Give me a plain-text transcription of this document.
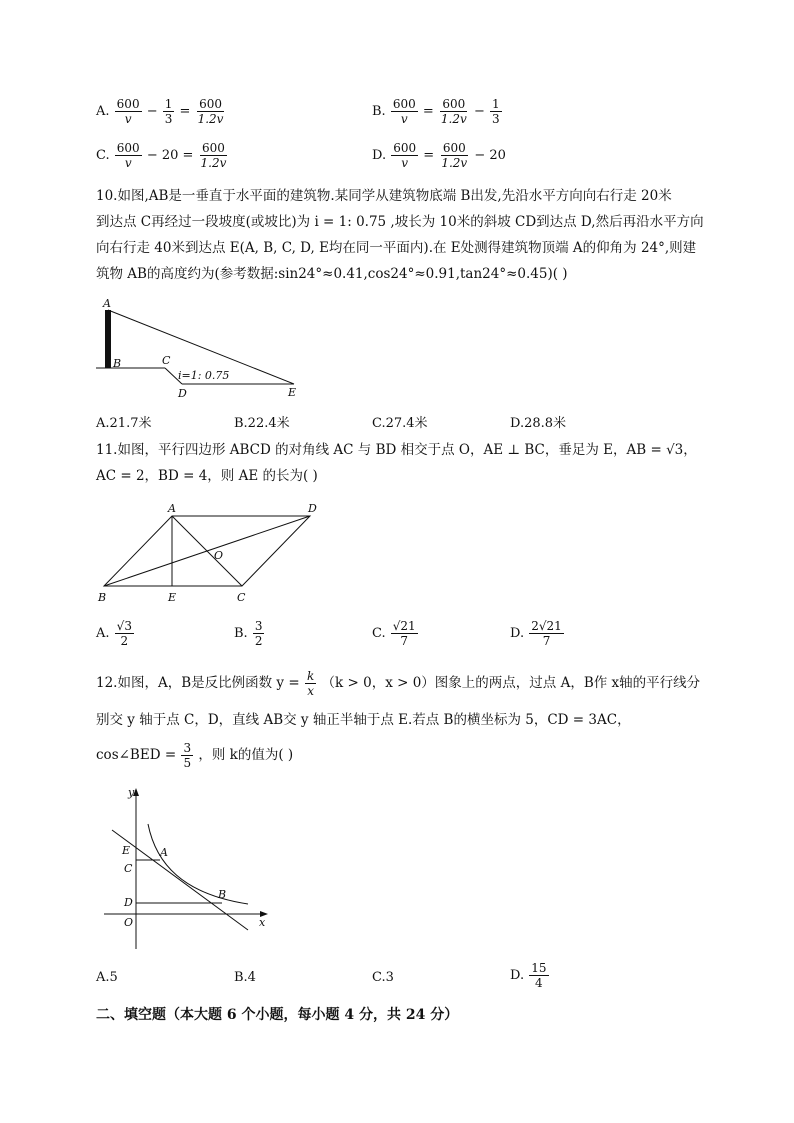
A. $\frac{600}{v} - \frac{1}{3} = \frac{600}{1.2v}$	B. $\frac{600}{v} = \frac{600}{1.2v} - \frac{1}{3}$
C. $\frac{600}{v} - 20 = \frac{600}{1.2v}$	D. $\frac{600}{v} = \frac{600}{1.2v} - 20$
10.如图,AB是一垂直于水平面的建筑物.某同学从建筑物底端 B出发,先沿水平方向向右行走 20米
到达点 C再经过一段坡度(或坡比)为 i = 1: 0.75 ,坡长为 10米的斜坡 CD到达点 D,然后再沿水平方向
向右行走 40米到达点 E(A, B, C, D, E均在同一平面内).在 E处测得建筑物顶端 A的仰角为 24°,则建
筑物 AB的高度约为(参考数据:sin24°≈0.41,cos24°≈0.91,tan24°≈0.45)( )
A
B	C
D	E
i=1: 0.75
A.21.7米	B.22.4米	C.27.4米	D.28.8米
11.如图，平行四边形 ABCD 的对角线 AC 与 BD 相交于点 O，AE ⊥ BC，垂足为 E，AB = √3，
AC = 2，BD = 4，则 AE 的长为( )
A
B	C
D
E
O
A. $\frac{√3}{2}$	B. $\frac{3}{2}$	C. $\frac{√21}{7}$	D. $\frac{2√21}{7}$
12.如图，A，B是反比例函数 $y = \frac{k}{x} (k > 0$，x > 0）图象上的两点，过点 A，B作 x轴的平行线分
别交 y 轴于点 C，D，直线 AB交 y 轴正半轴于点 E.若点 B的横坐标为 5，CD = 3AC，
cos∠BED = $\frac{3}{5}$ ，则 k的值为( )
y
x
E	A
C
B
D
O
A.5	B.4	C.3	D. $\frac{15}{4}$
二、填空题（本大题 6 个小题，每小题 4 分，共 24 分）
